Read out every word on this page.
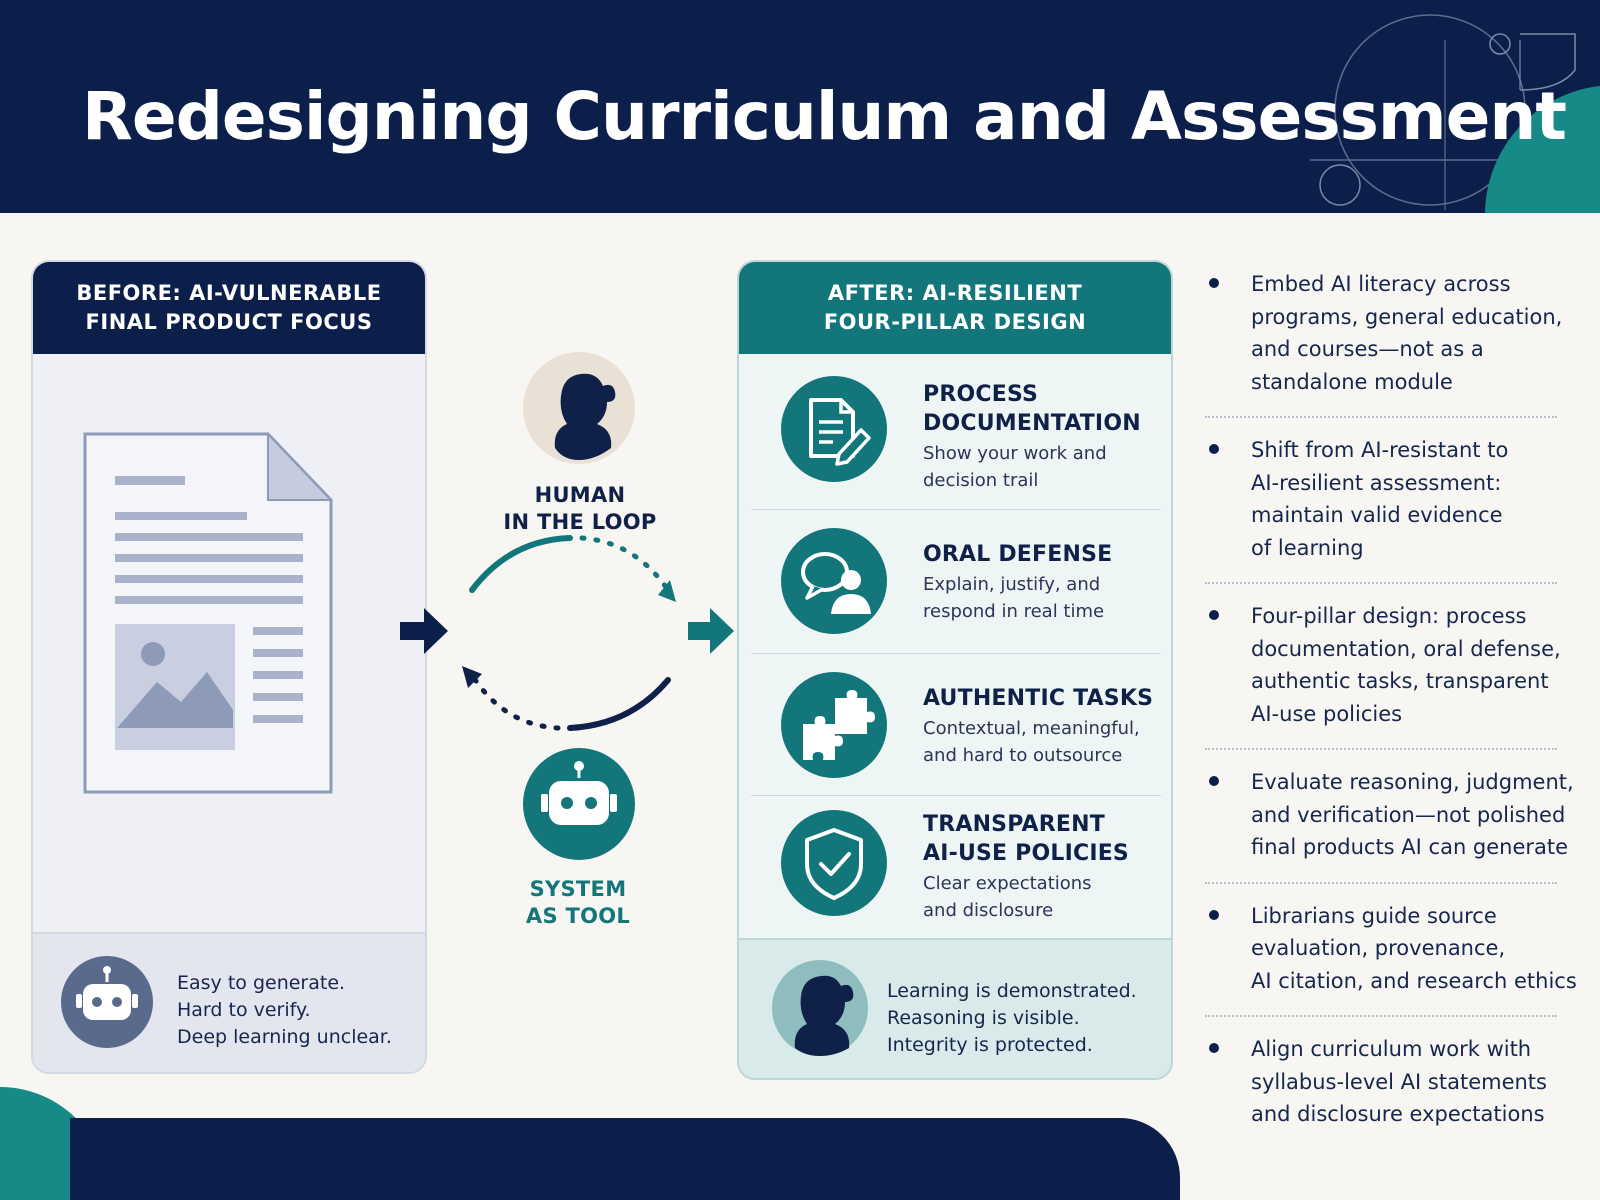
Redesigning Curriculum and Assessment
BEFORE: AI-VULNERABLE
FINAL PRODUCT FOCUS
Easy to generate.
Hard to verify.
Deep learning unclear.
HUMAN
IN THE LOOP
SYSTEM
AS TOOL
AFTER: AI-RESILIENT
FOUR-PILLAR DESIGN
PROCESS
DOCUMENTATION
Show your work and
decision trail
ORAL DEFENSE
Explain, justify, and
respond in real time
AUTHENTIC TASKS
Contextual, meaningful,
and hard to outsource
TRANSPARENT
AI-USE POLICIES
Clear expectations
and disclosure
Learning is demonstrated.
Reasoning is visible.
Integrity is protected.
Embed AI literacy across
programs, general education,
and courses—not as a
standalone module
Shift from AI-resistant to
AI-resilient assessment:
maintain valid evidence
of learning
Four-pillar design: process
documentation, oral defense,
authentic tasks, transparent
AI-use policies
Evaluate reasoning, judgment,
and verification—not polished
final products AI can generate
Librarians guide source
evaluation, provenance,
AI citation, and research ethics
Align curriculum work with
syllabus-level AI statements
and disclosure expectations
